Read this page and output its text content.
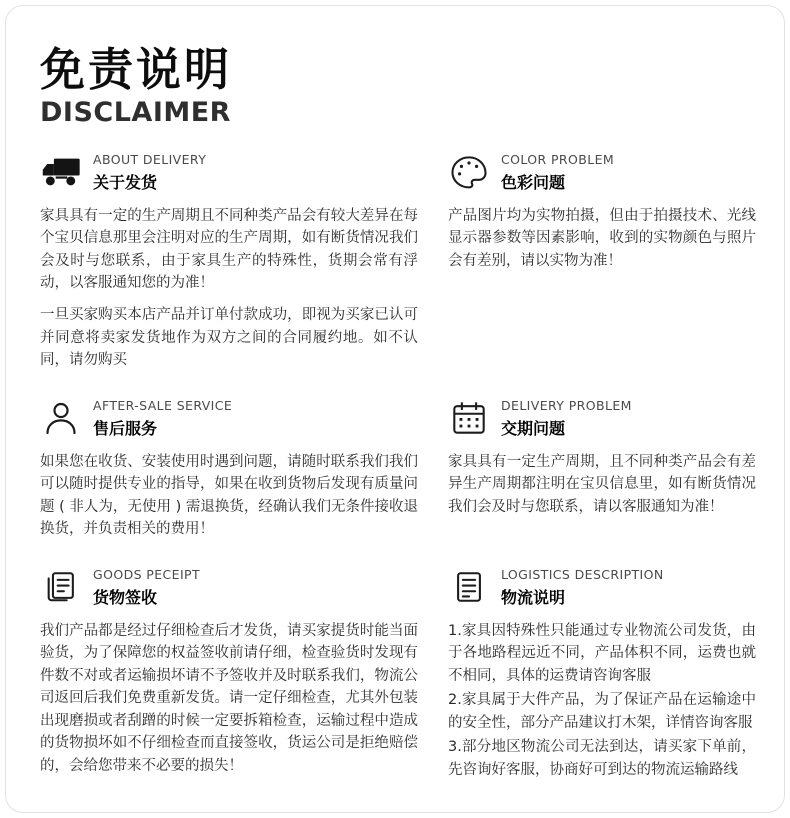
免责说明
DISCLAIMER
ABOUT DELIVERY
关于发货

家具具有一定的生产周期且不同种类产品会有较大差异在每个宝贝信息那里会注明对应的生产周期，如有断货情况我们会及时与您联系，由于家具生产的特殊性，货期会常有浮动，以客服通知您的为准！

一旦买家购买本店产品并订单付款成功，即视为买家已认可并同意将卖家发货地作为双方之间的合同履约地。如不认同，请勿购买

COLOR PROBLEM
色彩问题

产品图片均为实物拍摄，但由于拍摄技术、光线显示器参数等因素影响，收到的实物颜色与照片会有差别，请以实物为准！

AFTER-SALE SERVICE
售后服务

如果您在收货、安装使用时遇到问题，请随时联系我们我们可以随时提供专业的指导，如果在收到货物后发现有质量问题 ( 非人为，无使用 ) 需退换货，经确认我们无条件接收退换货，并负责相关的费用！

DELIVERY PROBLEM
交期问题

家具具有一定生产周期，且不同种类产品会有差异生产周期都注明在宝贝信息里，如有断货情况我们会及时与您联系，请以客服通知为准！

GOODS PECEIPT
货物签收

我们产品都是经过仔细检查后才发货，请买家提货时能当面验货，为了保障您的权益签收前请仔细，检查验货时发现有件数不对或者运输损坏请不予签收并及时联系我们，物流公司返回后我们免费重新发货。请一定仔细检查，尤其外包装出现磨损或者刮蹭的时候一定要拆箱检查，运输过程中造成的货物损坏如不仔细检查而直接签收，货运公司是拒绝赔偿的，会给您带来不必要的损失！

LOGISTICS DESCRIPTION
物流说明

1.家具因特殊性只能通过专业物流公司发货，由于各地路程远近不同，产品体积不同，运费也就不相同，具体的运费请咨询客服

2.家具属于大件产品，为了保证产品在运输途中的安全性，部分产品建议打木架，详情咨询客服

3.部分地区物流公司无法到达，请买家下单前，先咨询好客服，协商好可到达的物流运输路线
